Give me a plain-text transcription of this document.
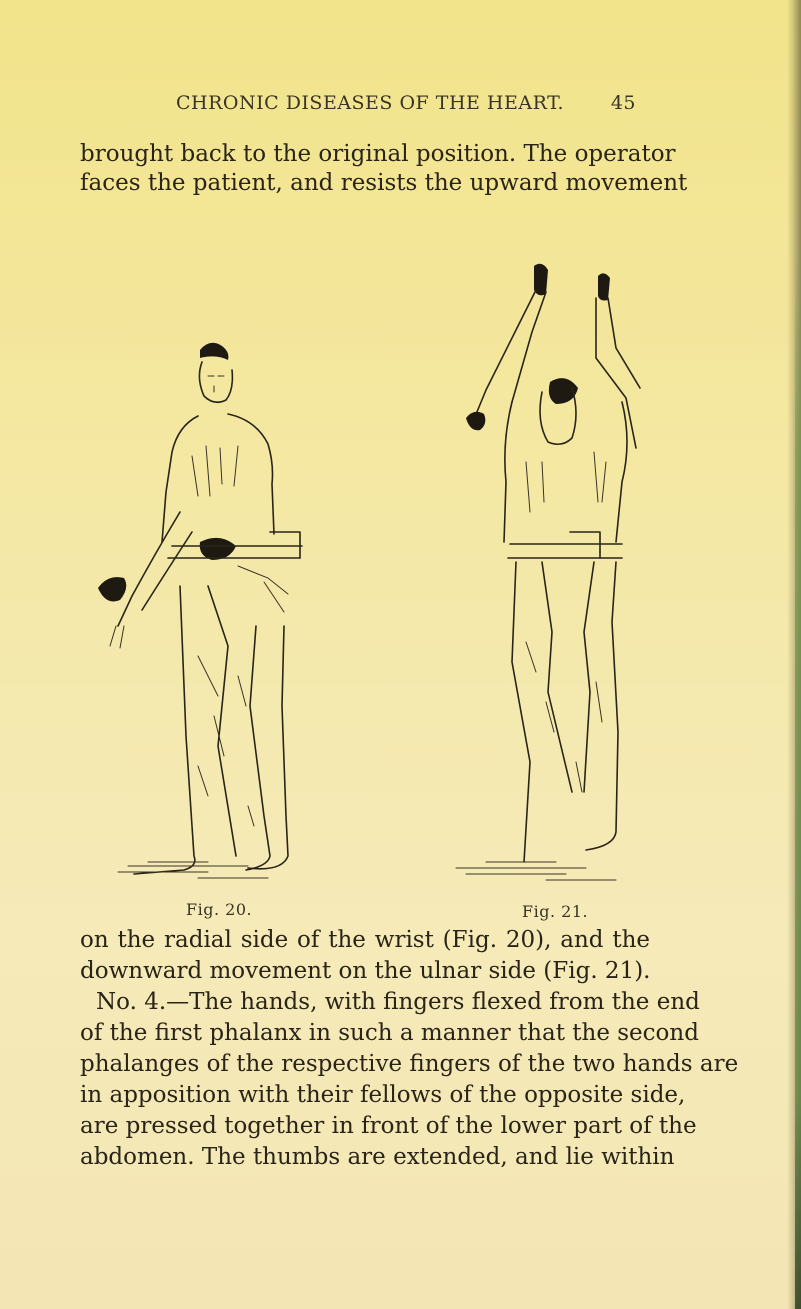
CHRONIC DISEASES OF THE HEART. 45
brought back to the original position. The operator
faces the patient, and resists the upward movement
Fig. 20.	Fig. 21.
on the radial side of the wrist (Fig. 20), and the
downward movement on the ulnar side (Fig. 21).
No. 4.—The hands, with fingers flexed from the end
of the first phalanx in such a manner that the second
phalanges of the respective fingers of the two hands are
in apposition with their fellows of the opposite side,
are pressed together in front of the lower part of the
abdomen. The thumbs are extended, and lie within
